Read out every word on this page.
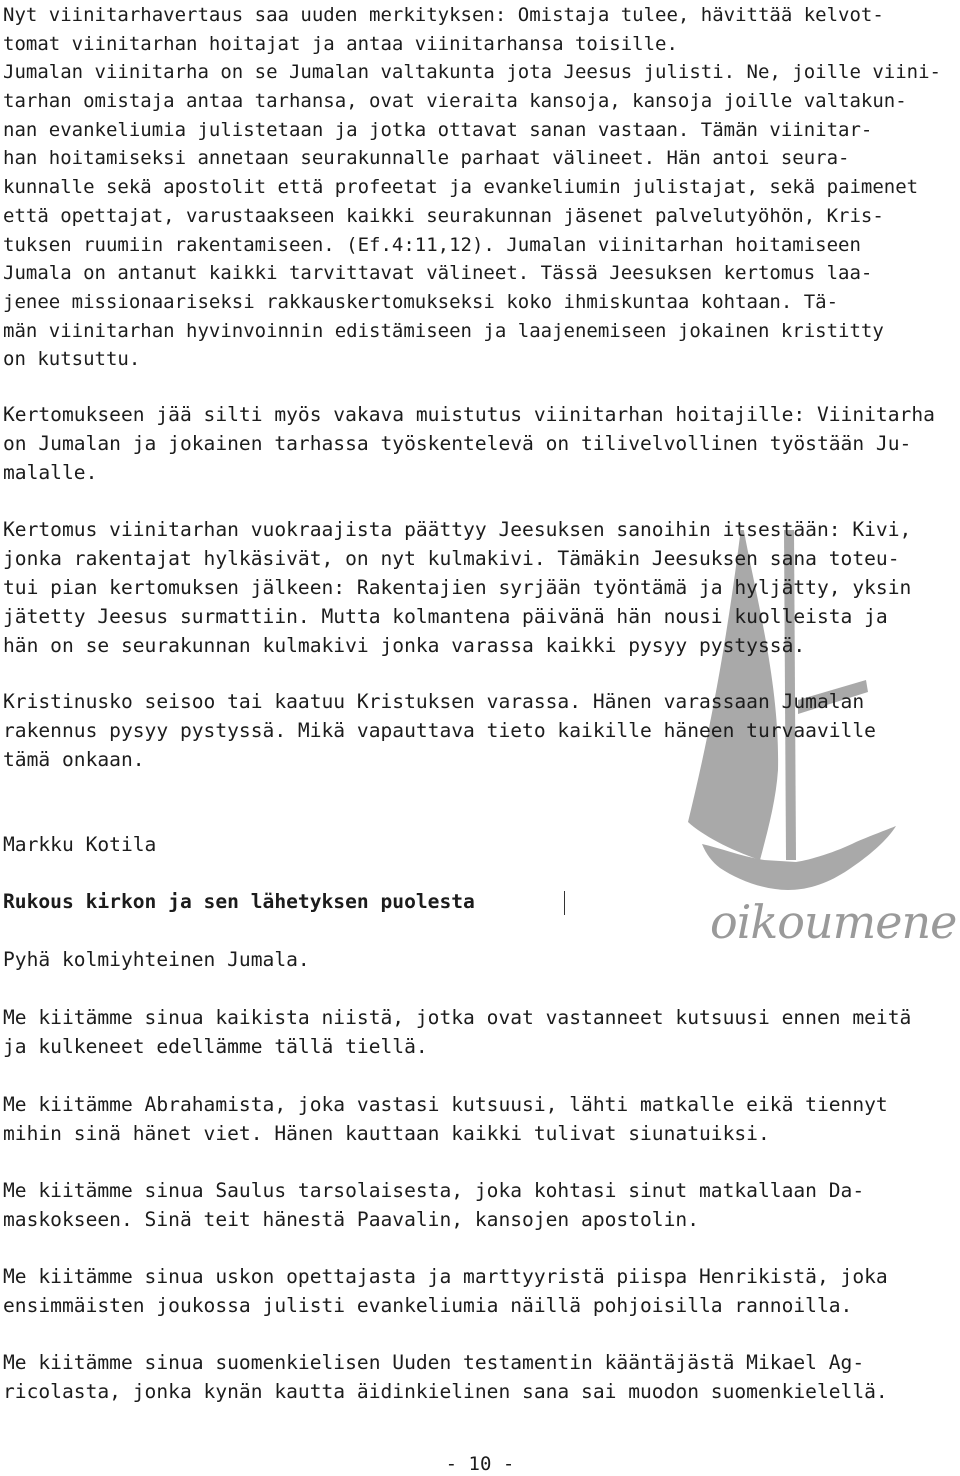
oikoumene
Nyt viinitarhavertaus saa uuden merkityksen: Omistaja tulee, hävittää kelvot-
tomat viinitarhan hoitajat ja antaa viinitarhansa toisille.
Jumalan viinitarha on se Jumalan valtakunta jota Jeesus julisti. Ne, joille viini-
tarhan omistaja antaa tarhansa, ovat vieraita kansoja, kansoja joille valtakun-
nan evankeliumia julistetaan ja jotka ottavat sanan vastaan. Tämän viinitar-
han hoitamiseksi annetaan seurakunnalle parhaat välineet. Hän antoi seura-
kunnalle sekä apostolit että profeetat ja evankeliumin julistajat, sekä paimenet
että opettajat, varustaakseen kaikki seurakunnan jäsenet palvelutyöhön, Kris-
tuksen ruumiin rakentamiseen. (Ef.4:11,12). Jumalan viinitarhan hoitamiseen
Jumala on antanut kaikki tarvittavat välineet. Tässä Jeesuksen kertomus laa-
jenee missionaariseksi rakkauskertomukseksi koko ihmiskuntaa kohtaan. Tä-
män viinitarhan hyvinvoinnin edistämiseen ja laajenemiseen jokainen kristitty
on kutsuttu.
Kertomukseen jää silti myös vakava muistutus viinitarhan hoitajille: Viinitarha
on Jumalan ja jokainen tarhassa työskentelevä on tilivelvollinen työstään Ju-
malalle.
Kertomus viinitarhan vuokraajista päättyy Jeesuksen sanoihin itsestään: Kivi,
jonka rakentajat hylkäsivät, on nyt kulmakivi. Tämäkin Jeesuksen sana toteu-
tui pian kertomuksen jälkeen: Rakentajien syrjään työntämä ja hyljätty, yksin
jätetty Jeesus surmattiin. Mutta kolmantena päivänä hän nousi kuolleista ja
hän on se seurakunnan kulmakivi jonka varassa kaikki pysyy pystyssä.
Kristinusko seisoo tai kaatuu Kristuksen varassa. Hänen varassaan Jumalan
rakennus pysyy pystyssä. Mikä vapauttava tieto kaikille häneen turvaaville
tämä onkaan.
Markku Kotila
Rukous kirkon ja sen lähetyksen puolesta
Pyhä kolmiyhteinen Jumala.
Me kiitämme sinua kaikista niistä, jotka ovat vastanneet kutsuusi ennen meitä
ja kulkeneet edellämme tällä tiellä.
Me kiitämme Abrahamista, joka vastasi kutsuusi, lähti matkalle eikä tiennyt
mihin sinä hänet viet. Hänen kauttaan kaikki tulivat siunatuiksi.
Me kiitämme sinua Saulus tarsolaisesta, joka kohtasi sinut matkallaan Da-
maskokseen. Sinä teit hänestä Paavalin, kansojen apostolin.
Me kiitämme sinua uskon opettajasta ja marttyyristä piispa Henrikistä, joka
ensimmäisten joukossa julisti evankeliumia näillä pohjoisilla rannoilla.
Me kiitämme sinua suomenkielisen Uuden testamentin kääntäjästä Mikael Ag-
ricolasta, jonka kynän kautta äidinkielinen sana sai muodon suomenkielellä.
- 10 -
